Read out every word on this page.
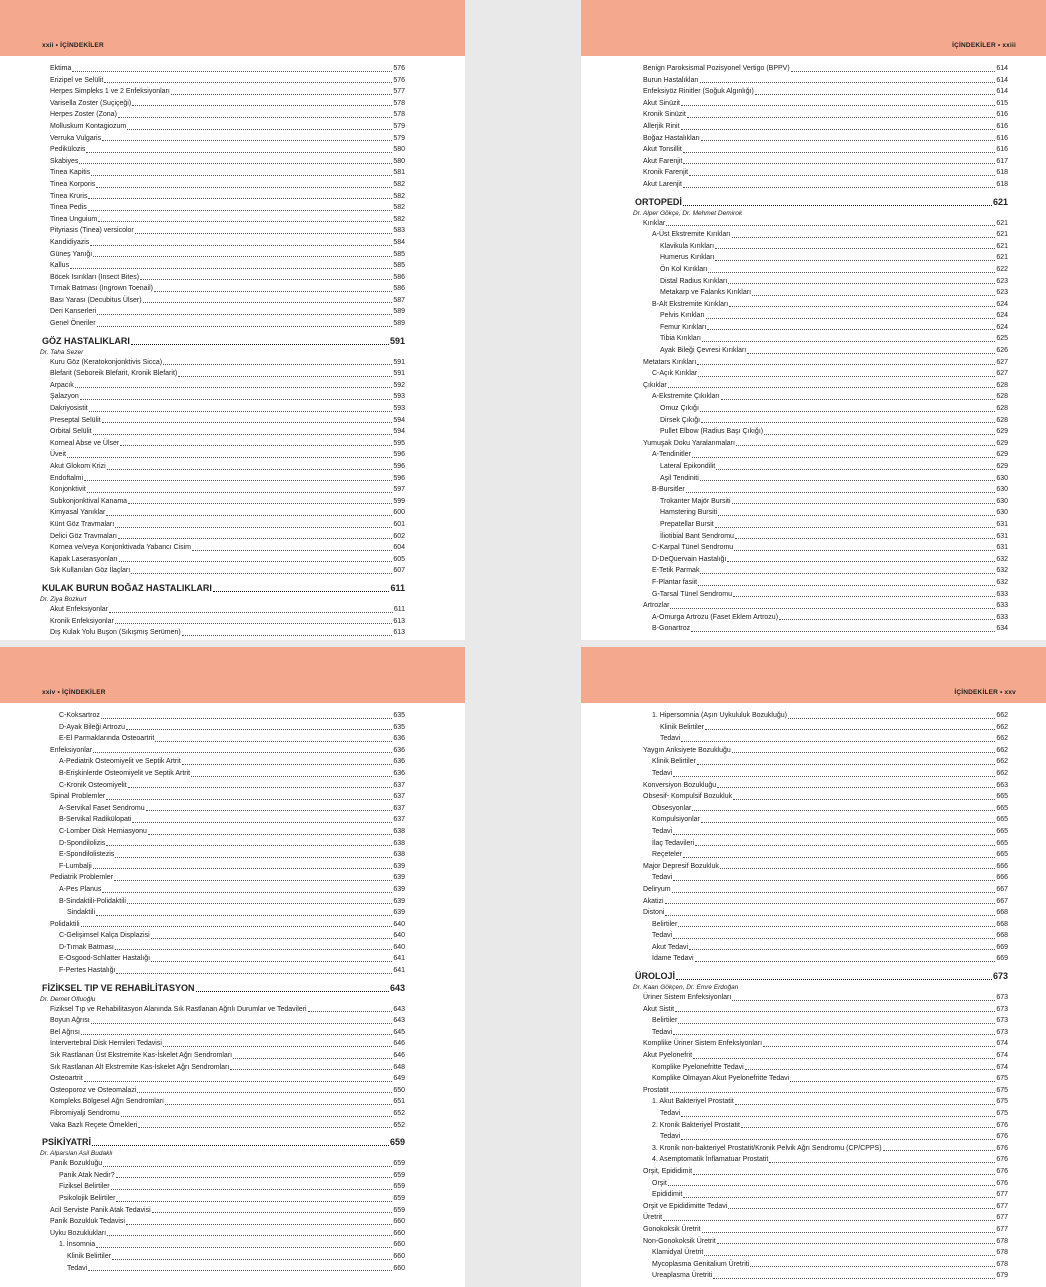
xxii • İÇİNDEKİLER
Ektima	576
Erizipel ve Selülit	576
Herpes Simpleks 1 ve 2 Enfeksiyonları	577
Varisella Zoster (Suçiçeği)	578
Herpes Zoster (Zona)	578
Molluskum Kontagiozum	579
Verruka Vulgaris	579
Pedikülozis	580
Skabiyes	580
Tinea Kapitis	581
Tinea Korporis	582
Tinea Kruris	582
Tinea Pedis	582
Tinea Unguium	582
Pityriasis (Tinea) versicolor	583
Kandidiyazis	584
Güneş Yanığı	585
Kallus	585
Böcek Isırıkları (Insect Bites)	586
Tırnak Batması (Ingrown Toenail)	586
Bası Yarası (Decubitus Ülser)	587
Deri Kanserleri	589
Genel Öneriler	589
GÖZ HASTALIKLARI	591
Dr. Taha Sezer
Kuru Göz (Keratokonjonktivis Sicca)	591
Blefarit (Seboreik Blefarit, Kronik Blefarit)	591
Arpacık	592
Şalazyon	593
Dakriyosistit	593
Preseptal Selülit	594
Orbital Selülit	594
Korneal Abse ve Ülser	595
Üveit	596
Akut Glokom Krizi	596
Endoftalmi	596
Konjonktivit	597
Subkonjonktival Kanama	599
Kimyasal Yanıklar	600
Künt Göz Travmaları	601
Delici Göz Travmaları	602
Kornea ve/veya Konjonktivada Yabancı Cisim	604
Kapak Laserasyonları	605
Sık Kullanılan Göz İlaçları	607
KULAK BURUN BOĞAZ HASTALIKLARI	611
Dr. Ziya Bozkurt
Akut Enfeksiyonlar	611
Kronik Enfeksiyonlar	613
Dış Kulak Yolu Buşon (Sıkışmış Serümen)	613
İÇİNDEKİLER • xxiii
Benign Paroksismal Pozisyonel Vertigo (BPPV)	614
Burun Hastalıkları	614
Enfeksiyöz Rinitler (Soğuk Algınlığı)	614
Akut Sinüzit	615
Kronik Sinüzit	616
Allerjik Rinit	616
Boğaz Hastalıkları	616
Akut Tonsillit	616
Akut Farenjit	617
Kronik Farenjit	618
Akut Larenjit	618
ORTOPEDİ	621
Dr. Alper Gökçe, Dr. Mehmet Demirok
Kırıklar	621
A-Üst Ekstremite Kırıkları	621
Klavikula Kırıkları	621
Humerus Kırıkları	621
Ön Kol Kırıkları	622
Distal Radius Kırıkları	623
Metakarp ve Falanks Kırıkları	623
B-Alt Ekstremite Kırıkları	624
Pelvis Kırıkları	624
Femur Kırıkları	624
Tibia Kırıkları	625
Ayak Bileği Çevresi Kırıkları	626
Metatars Kırıkları	627
C-Açık Kırıklar	627
Çıkıklar	628
A-Ekstremite Çıkıkları	628
Omuz Çıkığı	628
Dirsek Çıkığı	628
Pullet Elbow (Radius Başı Çıkığı)	629
Yumuşak Doku Yaralanmaları	629
A-Tendinitler	629
Lateral Epikondilit	629
Aşil Tendiniti	630
B-Bursitler	630
Trokanter Majör Bursiti	630
Hamstering Bursiti	630
Prepatellar Bursit	631
İliotibial Bant Sendromu	631
C-Karpal Tünel Sendromu	631
D-DeQuervain Hastalığı	632
E-Tetik Parmak	632
F-Plantar fasiit	632
G-Tarsal Tünel Sendromu	633
Artrozlar	633
A-Omurga Artrozu (Faset Eklem Artrozu)	633
B-Gonartroz	634
xxiv • İÇİNDEKİLER
C-Koksartroz	635
D-Ayak Bileği Artrozu	635
E-El Parmaklarında Osteoartrit	636
Enfeksiyonlar	636
A-Pediatrik Osteomiyelit ve Septik Artrit	636
B-Erişkinlerde Osteomiyelit ve Septik Artrit	636
C-Kronik Osteomiyelit	637
Spinal Problemler	637
A-Servikal Faset Sendromu	637
B-Servikal Radikülopati	637
C-Lomber Disk Herniasyonu	638
D-Spondilolizis	638
E-Spondilolistezis	638
F-Lumbalji	639
Pediatrik Problemler	639
A-Pes Planus	639
B-Sindaktili-Polidaktili	639
Sindaktili	639
Polidaktili	640
C-Gelişimsel Kalça Displazisi	640
D-Tırnak Batması	640
E-Osgood-Schlatter Hastalığı	641
F-Pertes Hastalığı	641
FİZİKSEL TIP VE REHABİLİTASYON	643
Dr. Demet Ofluoğlu
Fiziksel Tıp ve Rehabilitasyon Alanında Sık Rastlanan Ağrılı Durumlar ve Tedavileri	643
Boyun Ağrısı	643
Bel Ağrısı	645
İntervertebral Disk Hernileri Tedavisi	646
Sık Rastlanan Üst Ekstremite Kas-İskelet Ağrı Sendromları	646
Sık Rastlanan Alt Ekstremite Kas-İskelet Ağrı Sendromları	648
Osteoartrit	649
Osteoporoz ve Osteomalazi	650
Kompleks Bölgesel Ağrı Sendromları	651
Fibromiyalji Sendromu	652
Vaka Bazlı Reçete Örnekleri	652
PSİKİYATRİ	659
Dr. Alparslan Asil Budaklı
Panik Bozukluğu	659
Panik Atak Nedir?	659
Fiziksel Belirtiler	659
Psikolojik Belirtiler	659
Acil Serviste Panik Atak Tedavisi	659
Panik Bozukluk Tedavisi	660
Uyku Bozuklukları	660
1. İnsomnia	660
Klinik Belirtiler	660
Tedavi	660
İÇİNDEKİLER • xxv
1. Hipersomnia (Aşırı Uykululuk Bozukluğu)	662
Klinik Belirtiler	662
Tedavi	662
Yaygın Anksiyete Bozukluğu	662
Klinik Belirtiler	662
Tedavi	662
Konversiyon Bozukluğu	663
Obsesif- Kompulsif Bozukluk	665
Obsesyonlar	665
Kompulsiyonlar	665
Tedavi	665
İlaç Tedavileri	665
Reçeteler	665
Major Depresif Bozukluk	666
Tedavi	666
Deliryum	667
Akatizi	667
Distoni	668
Belirtiler	668
Tedavi	668
Akut Tedavi	669
İdame Tedavi	669
ÜROLOJİ	673
Dr. Kaan Gökçen, Dr. Emre Erdoğan
Üriner Sistem Enfeksiyonları	673
Akut Sistit	673
Belirtiler	673
Tedavi	673
Komplike Üriner Sistem Enfeksiyonları	674
Akut Pyelonefrit	674
Komplike Pyelonefritte Tedavi	674
Komplike Olmayan Akut Pyelonefritte Tedavi	675
Prostatit	675
1. Akut Bakteriyel Prostatit	675
Tedavi	675
2. Kronik Bakteriyel Prostatit	676
Tedavi	676
3. Kronik non-bakteriyel Prostatit/Kronik Pelvik Ağrı Sendromu (CP/CPPS)	676
4. Asemptomatik İnflamatuar Prostatit	676
Orşit, Epididimit	676
Orşit	676
Epididimit	677
Orşit ve Epididimitte Tedavi	677
Üretrit	677
Gonokoksik Üretrit	677
Non-Gonokoksik Üretrit	678
Klamidyal Üretrit	678
Mycoplasma Genitalium Üretriti	678
Ureaplasma Üretriti	679
